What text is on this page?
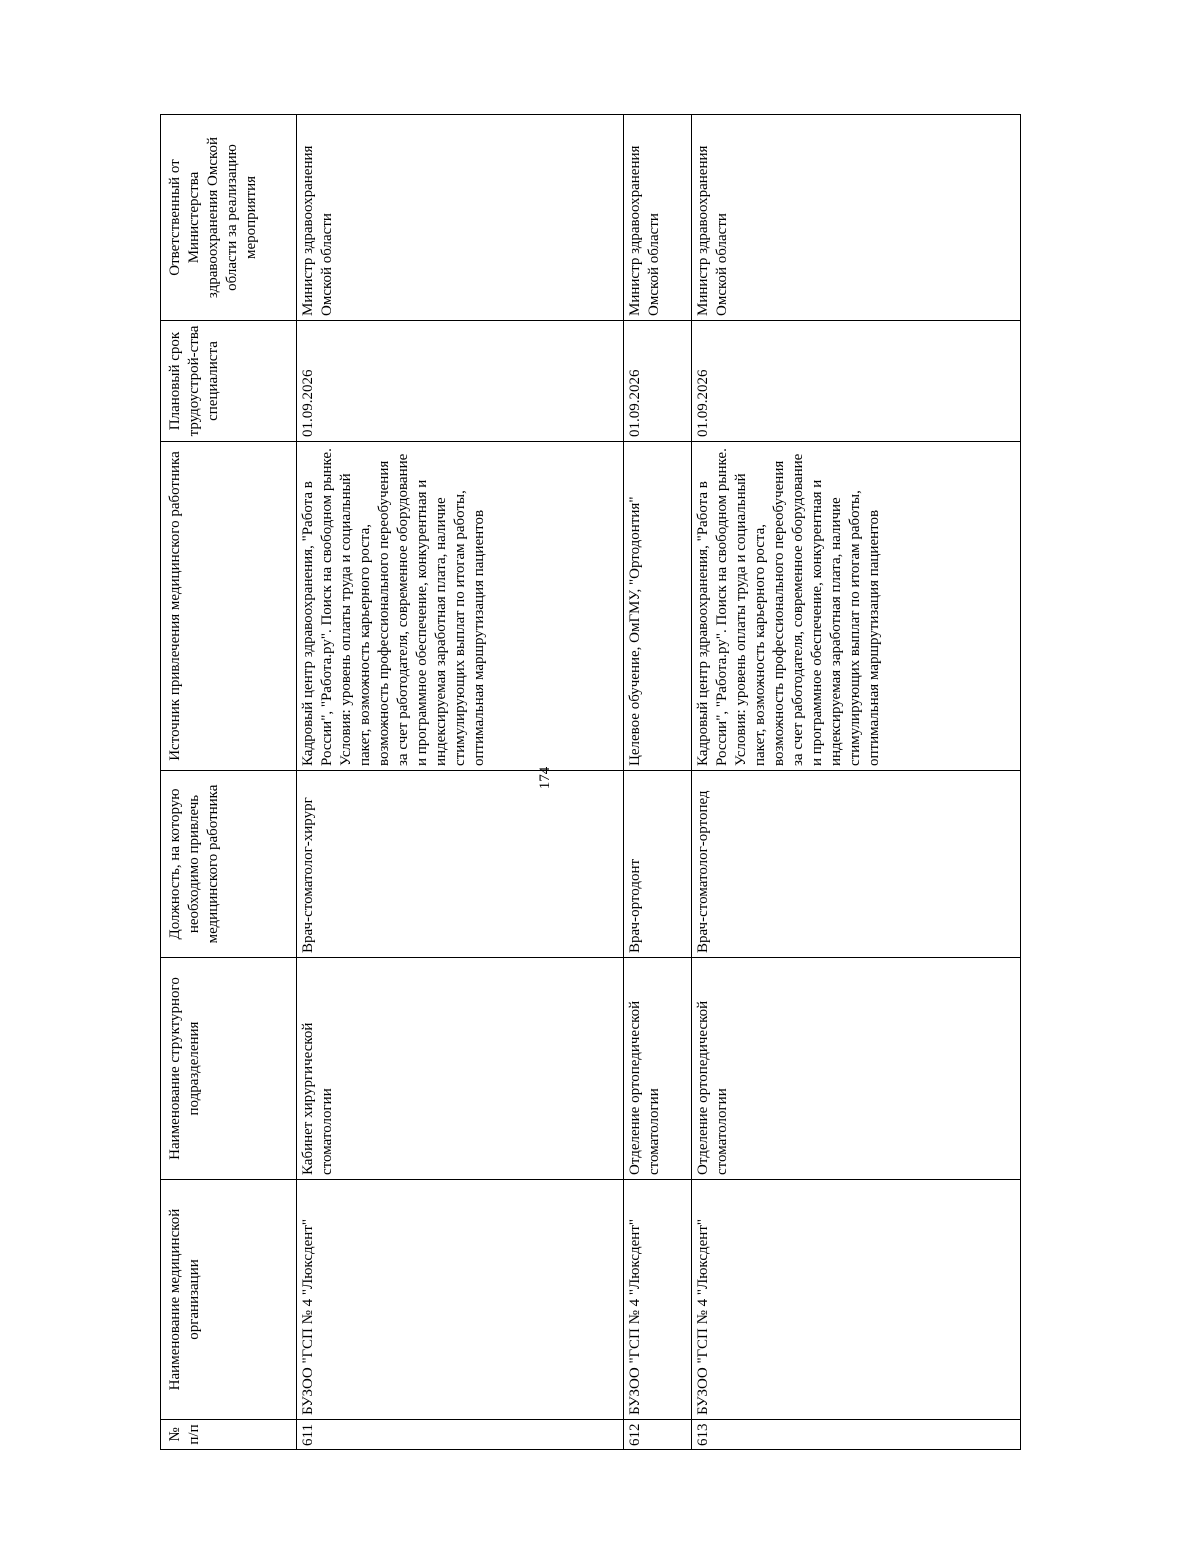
174
№ п/п	Наименование медицинской организации	Наименование структурного подразделения	Должность, на которую необходимо привлечь медицинского работника	Источник привлечения медицинского работника	Плановый срок трудоустрой-ства специалиста	Ответственный от Министерства здравоохранения Омской области за реализацию мероприятия
611	БУЗОО "ГСП № 4 "Люксдент"	Кабинет хирургической стоматологии	Врач-стоматолог-хирург	Кадровый центр здравоохранения, "Работа в России", "Работа.ру". Поиск на свободном рынке. Условия: уровень оплаты труда и социальный пакет, возможность карьерного роста, возможность профессионального переобучения за счет работодателя, современное оборудование и программное обеспечение, конкурентная и индексируемая заработная плата, наличие стимулирующих выплат по итогам работы, оптимальная маршрутизация пациентов	01.09.2026	Министр здравоохранения Омской области
612	БУЗОО "ГСП № 4 "Люксдент"	Отделение ортопедической стоматологии	Врач-ортодонт	Целевое обучение, ОмГМУ, "Ортодонтия"	01.09.2026	Министр здравоохранения Омской области
613	БУЗОО "ГСП № 4 "Люксдент"	Отделение ортопедической стоматологии	Врач-стоматолог-ортопед	Кадровый центр здравоохранения, "Работа в России", "Работа.ру". Поиск на свободном рынке. Условия: уровень оплаты труда и социальный пакет, возможность карьерного роста, возможность профессионального переобучения за счет работодателя, современное оборудование и программное обеспечение, конкурентная и индексируемая заработная плата, наличие стимулирующих выплат по итогам работы, оптимальная маршрутизация пациентов	01.09.2026	Министр здравоохранения Омской области
